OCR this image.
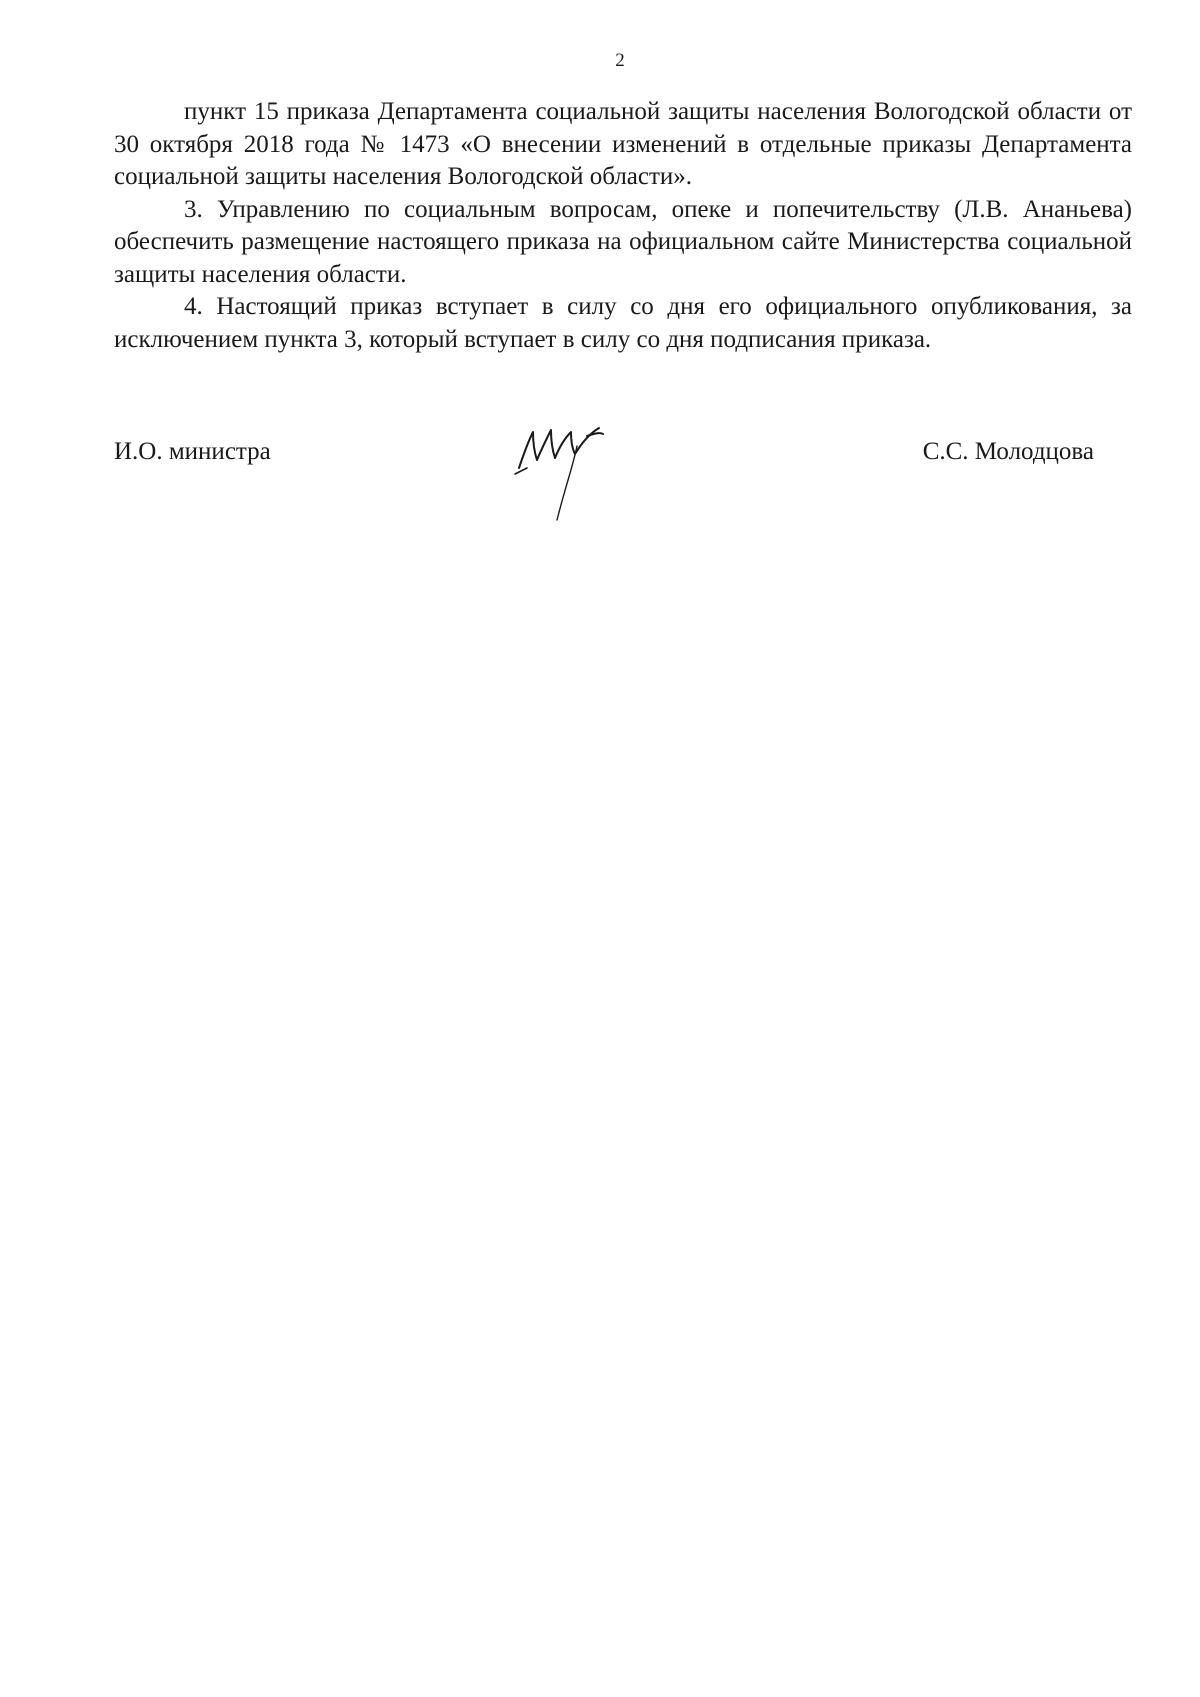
2

пункт 15 приказа Департамента социальной защиты населения Вологодской области от 30 октября 2018 года № 1473 «О внесении изменений в отдельные приказы Департамента социальной защиты населения Вологодской области».

3. Управлению по социальным вопросам, опеке и попечительству (Л.В. Ананьева) обеспечить размещение настоящего приказа на официальном сайте Министерства социальной защиты населения области.

4. Настоящий приказ вступает в силу со дня его официального опубликования, за исключением пункта 3, который вступает в силу со дня подписания приказа.

И.О. министра	С.С. Молодцова
